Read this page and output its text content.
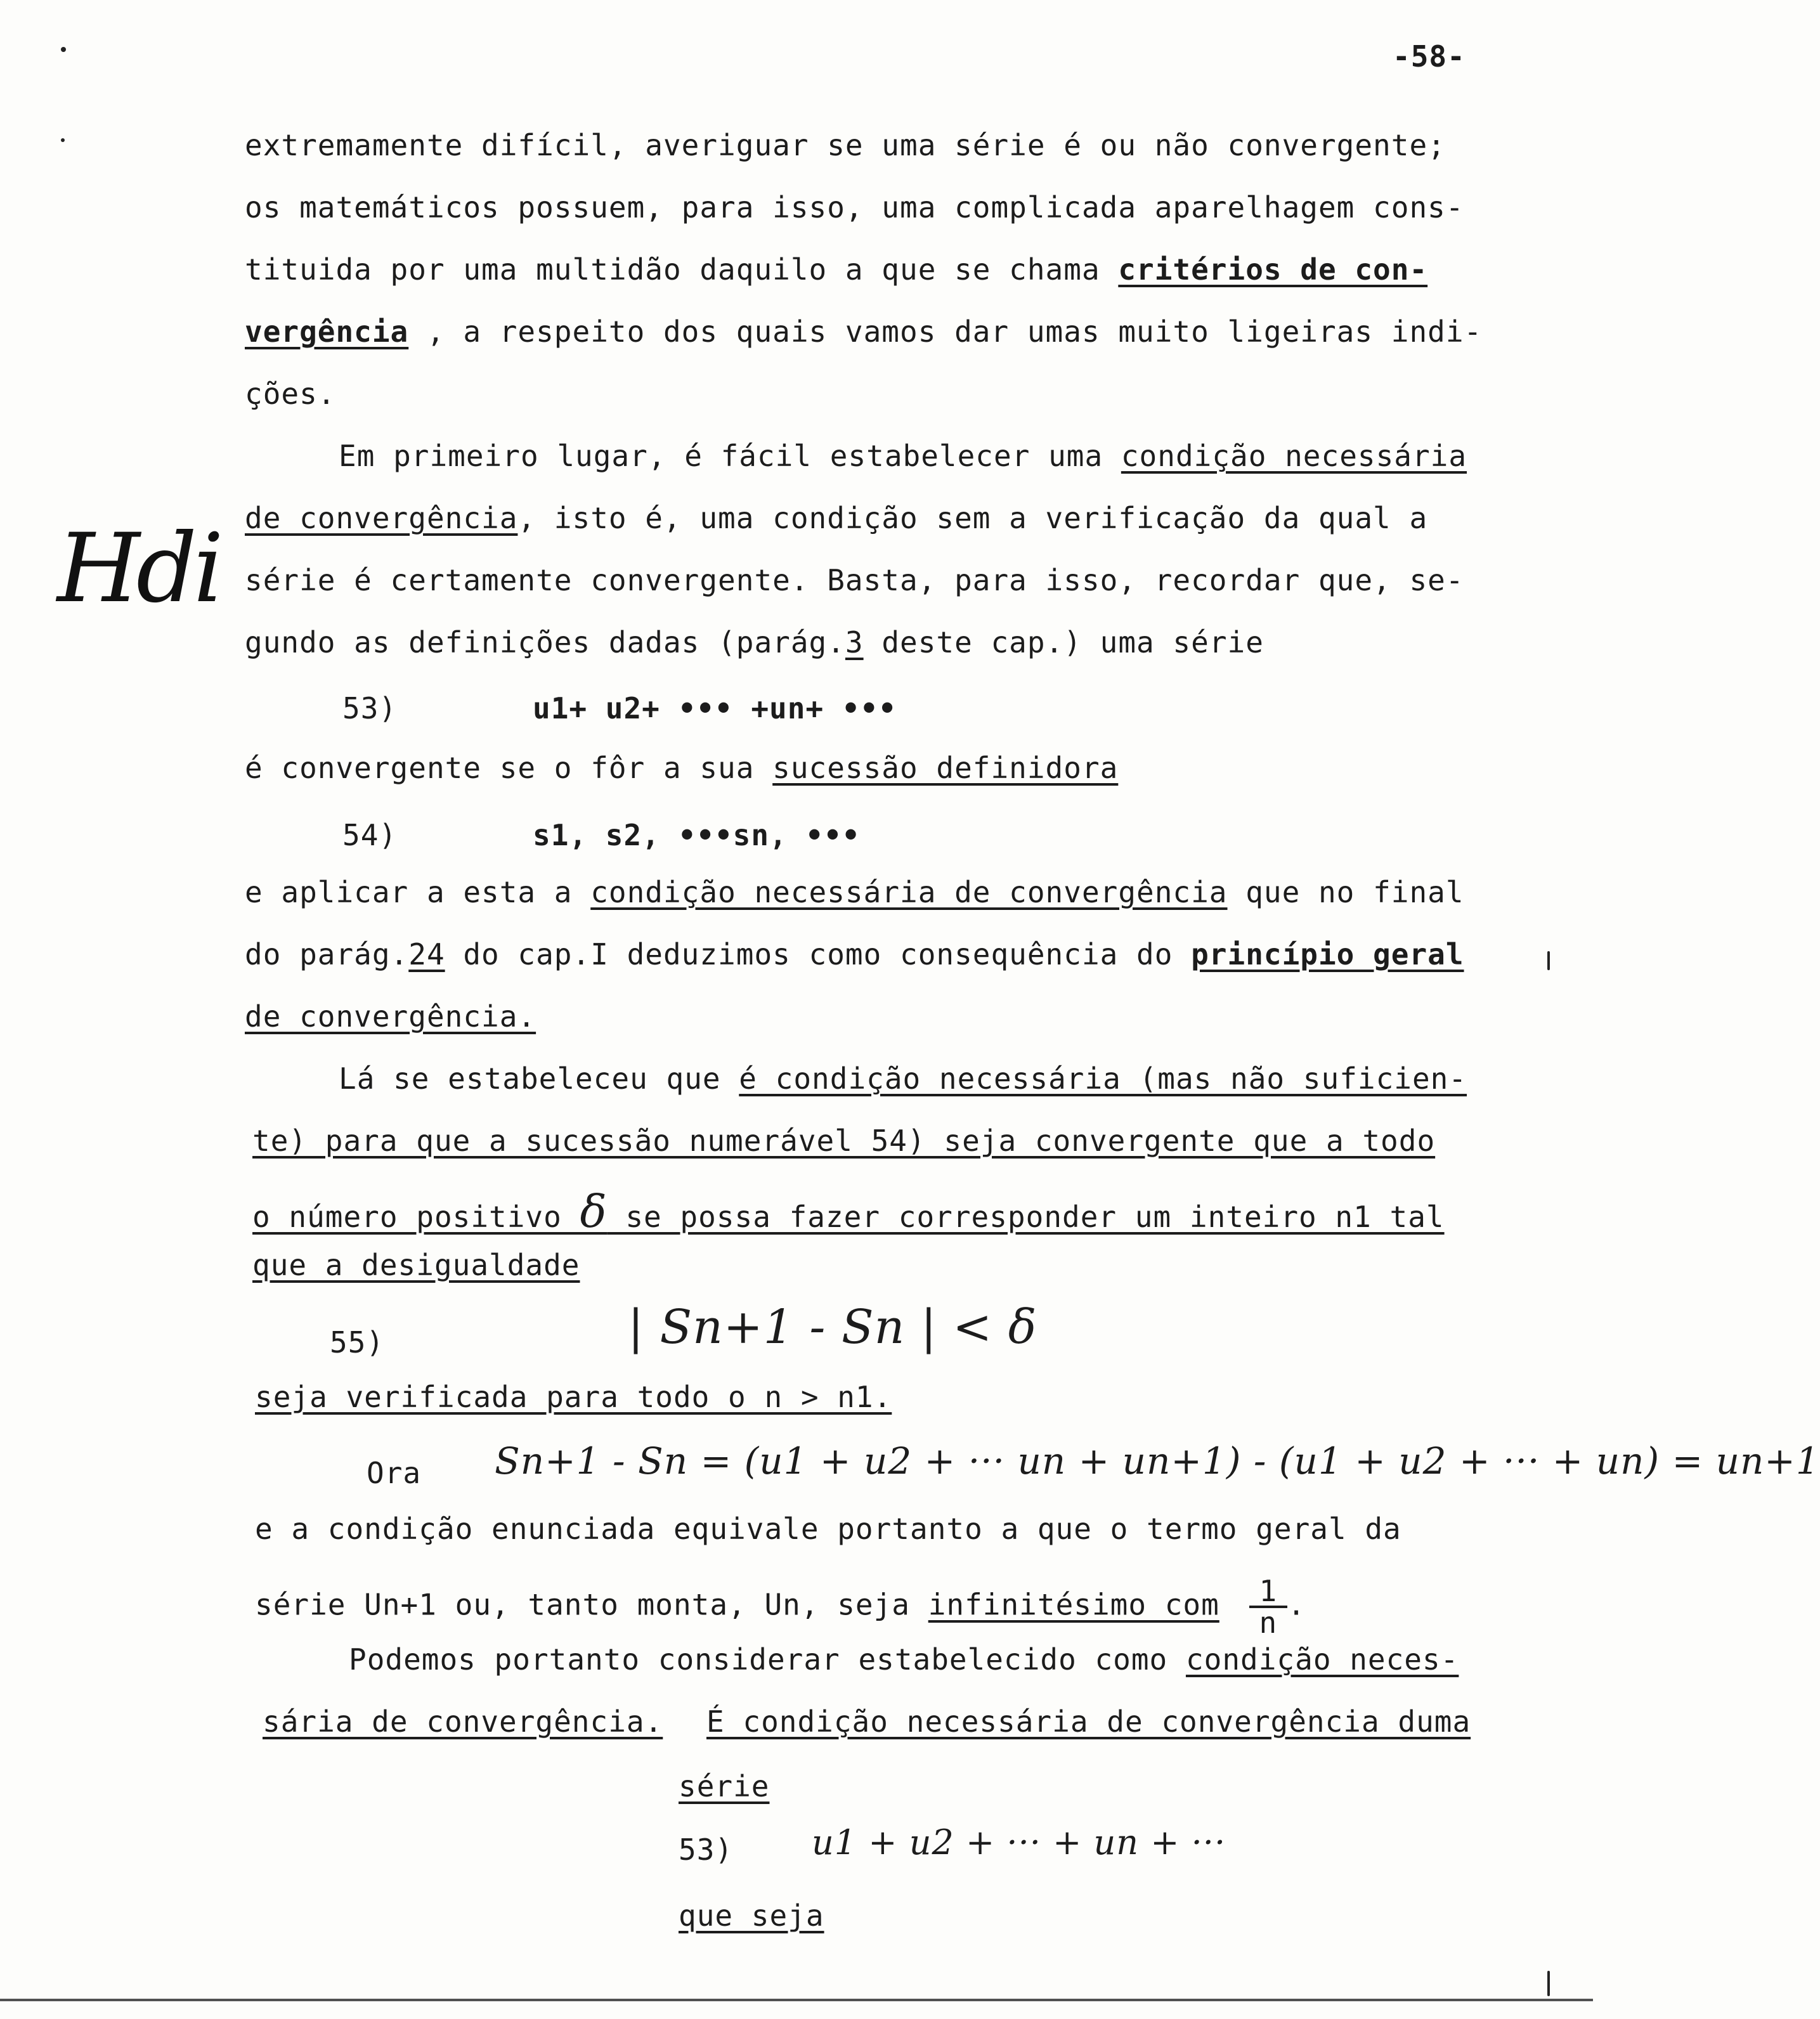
-58-
Hdi
extremamente difícil, averiguar se uma série é ou não convergente;
os matemáticos possuem, para isso, uma complicada aparelhagem cons-
tituida por uma multidão daquilo a que se chama critérios de con-
vergência , a respeito dos quais vamos dar umas muito ligeiras indi-
ções.
Em primeiro lugar, é fácil estabelecer uma condição necessária
de convergência, isto é, uma condição sem a verificação da qual a
série é certamente convergente. Basta, para isso, recordar que, se-
gundo as definições dadas (parág.3 deste cap.) uma série
53)	u1+ u2+ ••• +un+ •••
é convergente se o fôr a sua sucessão definidora
54)	s1, s2, •••sn, •••
e aplicar a esta a condição necessária de convergência que no final
do parág.24 do cap.I deduzimos como consequência do princípio geral
de convergência.
Lá se estabeleceu que é condição necessária (mas não suficien-
te) para que a sucessão numerável 54) seja convergente que a todo
o número positivo δ se possa fazer corresponder um inteiro n1 tal
que a desigualdade
55)	| Sn+1 - Sn | < δ
seja verificada para todo o n > n1.
Ora Sn+1 - Sn = (u1 + u2 + ··· un + un+1) - (u1 + u2 + ··· + un) = un+1
e a condição enunciada equivale portanto a que o termo geral da
série Un+1 ou, tanto monta, Un, seja infinitésimo com $\frac{1}{n}$ .
Podemos portanto considerar estabelecido como condição neces-
sária de convergência. É condição necessária de convergência duma
série
53) u1 + u2 + ··· + un + ···
que seja
